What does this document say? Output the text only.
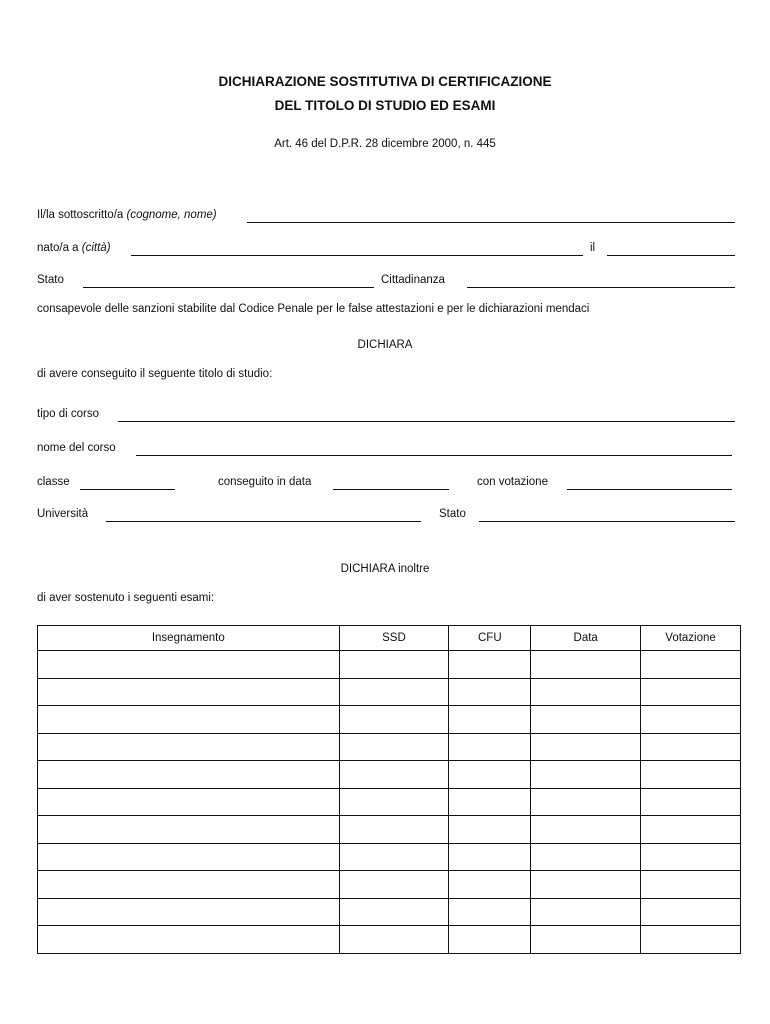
DICHIARAZIONE SOSTITUTIVA DI CERTIFICAZIONE
DEL TITOLO DI STUDIO ED ESAMI
Art. 46 del D.P.R. 28 dicembre 2000, n. 445
Il/la sottoscritto/a (cognome, nome)
nato/a a (città)	il
Stato	Cittadinanza
consapevole delle sanzioni stabilite dal Codice Penale per le false attestazioni e per le dichiarazioni mendaci
DICHIARA
di avere conseguito il seguente titolo di studio:
tipo di corso
nome del corso
classe	conseguito in data	con votazione
Università	Stato
DICHIARA inoltre
di aver sostenuto i seguenti esami:
Insegnamento	SSD	CFU	Data	Votazione
